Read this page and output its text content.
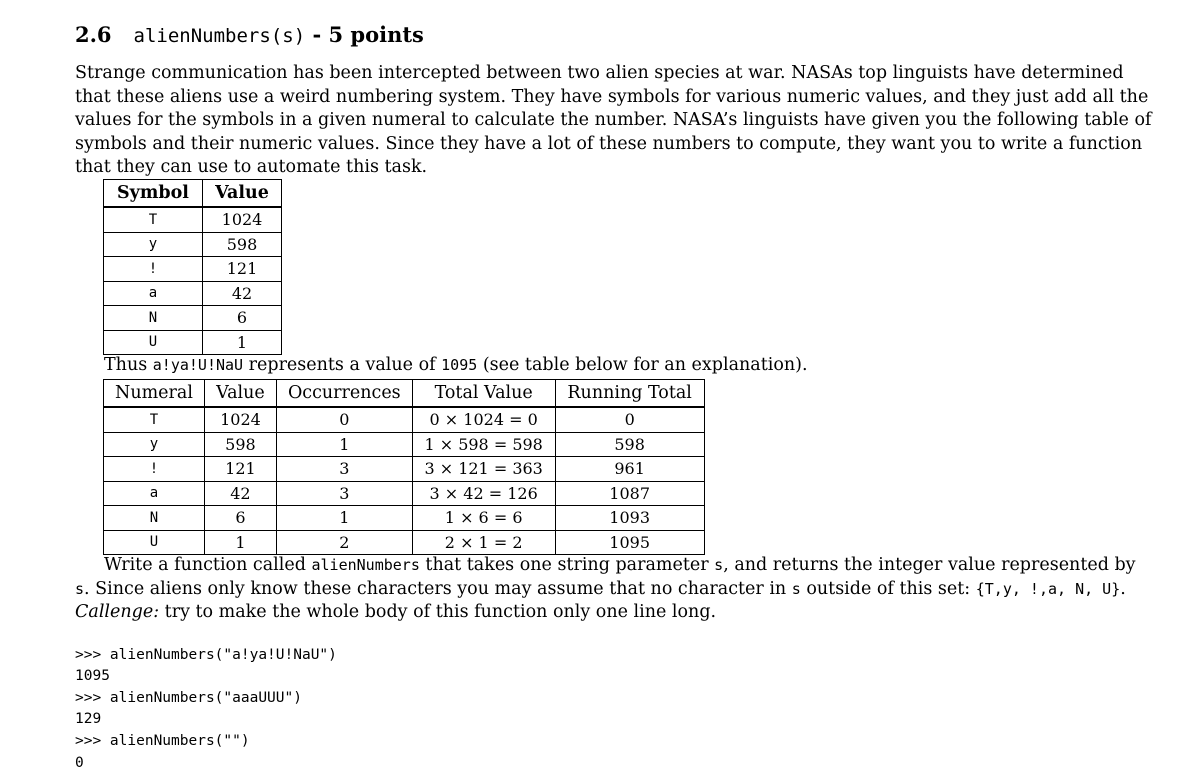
2.6 alienNumbers(s) - 5 points
Strange communication has been intercepted between two alien species at war. NASAs top linguists have determined
that these aliens use a weird numbering system. They have symbols for various numeric values, and they just add all the
values for the symbols in a given numeral to calculate the number. NASA’s linguists have given you the following table of
symbols and their numeric values. Since they have a lot of these numbers to compute, they want you to write a function
that they can use to automate this task.
Symbol	Value
T	1024
y	598
!	121
a	42
N	6
U	1
Thus a!ya!U!NaU represents a value of 1095 (see table below for an explanation).
Numeral	Value	Occurrences	Total Value	Running Total
T	1024	0	0 × 1024 = 0	0
y	598	1	1 × 598 = 598	598
!	121	3	3 × 121 = 363	961
a	42	3	3 × 42 = 126	1087
N	6	1	1 × 6 = 6	1093
U	1	2	2 × 1 = 2	1095
Write a function called alienNumbers that takes one string parameter s, and returns the integer value represented by
s. Since aliens only know these characters you may assume that no character in s outside of this set: {T,y, !,a, N, U}.
Callenge: try to make the whole body of this function only one line long.
>>> alienNumbers("a!ya!U!NaU")
1095
>>> alienNumbers("aaaUUU")
129
>>> alienNumbers("")
0
